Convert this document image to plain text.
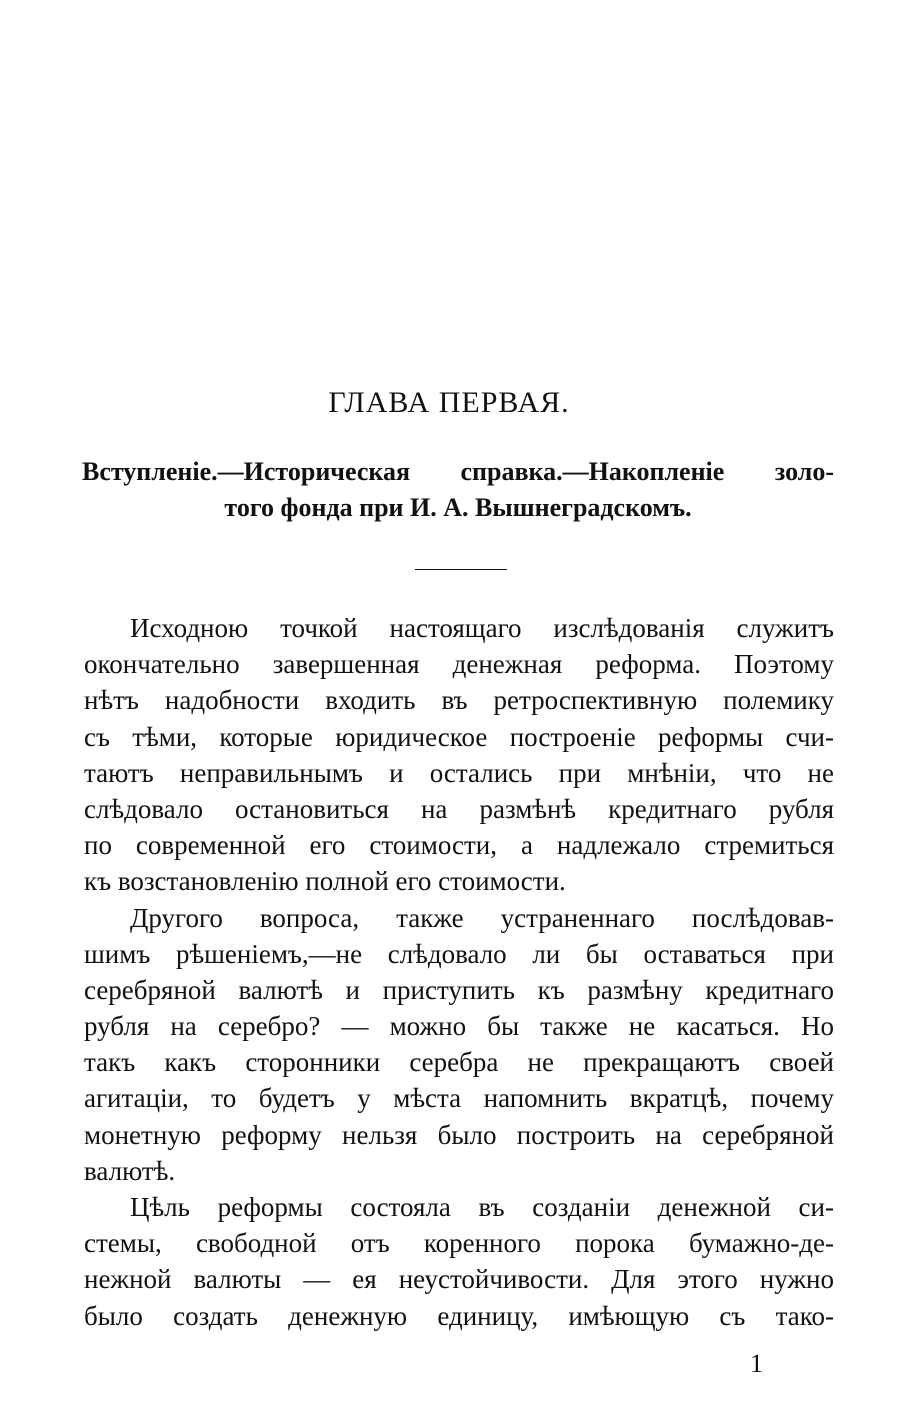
ГЛАВА ПЕРВАЯ.
Вступленіе.—Историческая справка.—Накопленіе золо-
того фонда при И. А. Вышнеградскомъ.

Исходною точкой настоящаго изслѣдованія служитъ
окончательно завершенная денежная реформа. Поэтому
нѣтъ надобности входить въ ретроспективную полемику
съ тѣми, которые юридическое построеніе реформы счи-
таютъ неправильнымъ и остались при мнѣніи, что не
слѣдовало остановиться на размѣнѣ кредитнаго рубля
по современной его стоимости, а надлежало стремиться
къ возстановленію полной его стоимости.

Другого вопроса, также устраненнаго послѣдовав-
шимъ рѣшеніемъ,—не слѣдовало ли бы оставаться при
серебряной валютѣ и приступить къ размѣну кредитнаго
рубля на серебро? — можно бы также не касаться. Но
такъ какъ сторонники серебра не прекращаютъ своей
агитаціи, то будетъ у мѣста напомнить вкратцѣ, почему
монетную реформу нельзя было построить на серебряной
валютѣ.

Цѣль реформы состояла въ созданіи денежной си-
стемы, свободной отъ коренного порока бумажно-де-
нежной валюты — ея неустойчивости. Для этого нужно
было создать денежную единицу, имѣющую съ тако-

1
